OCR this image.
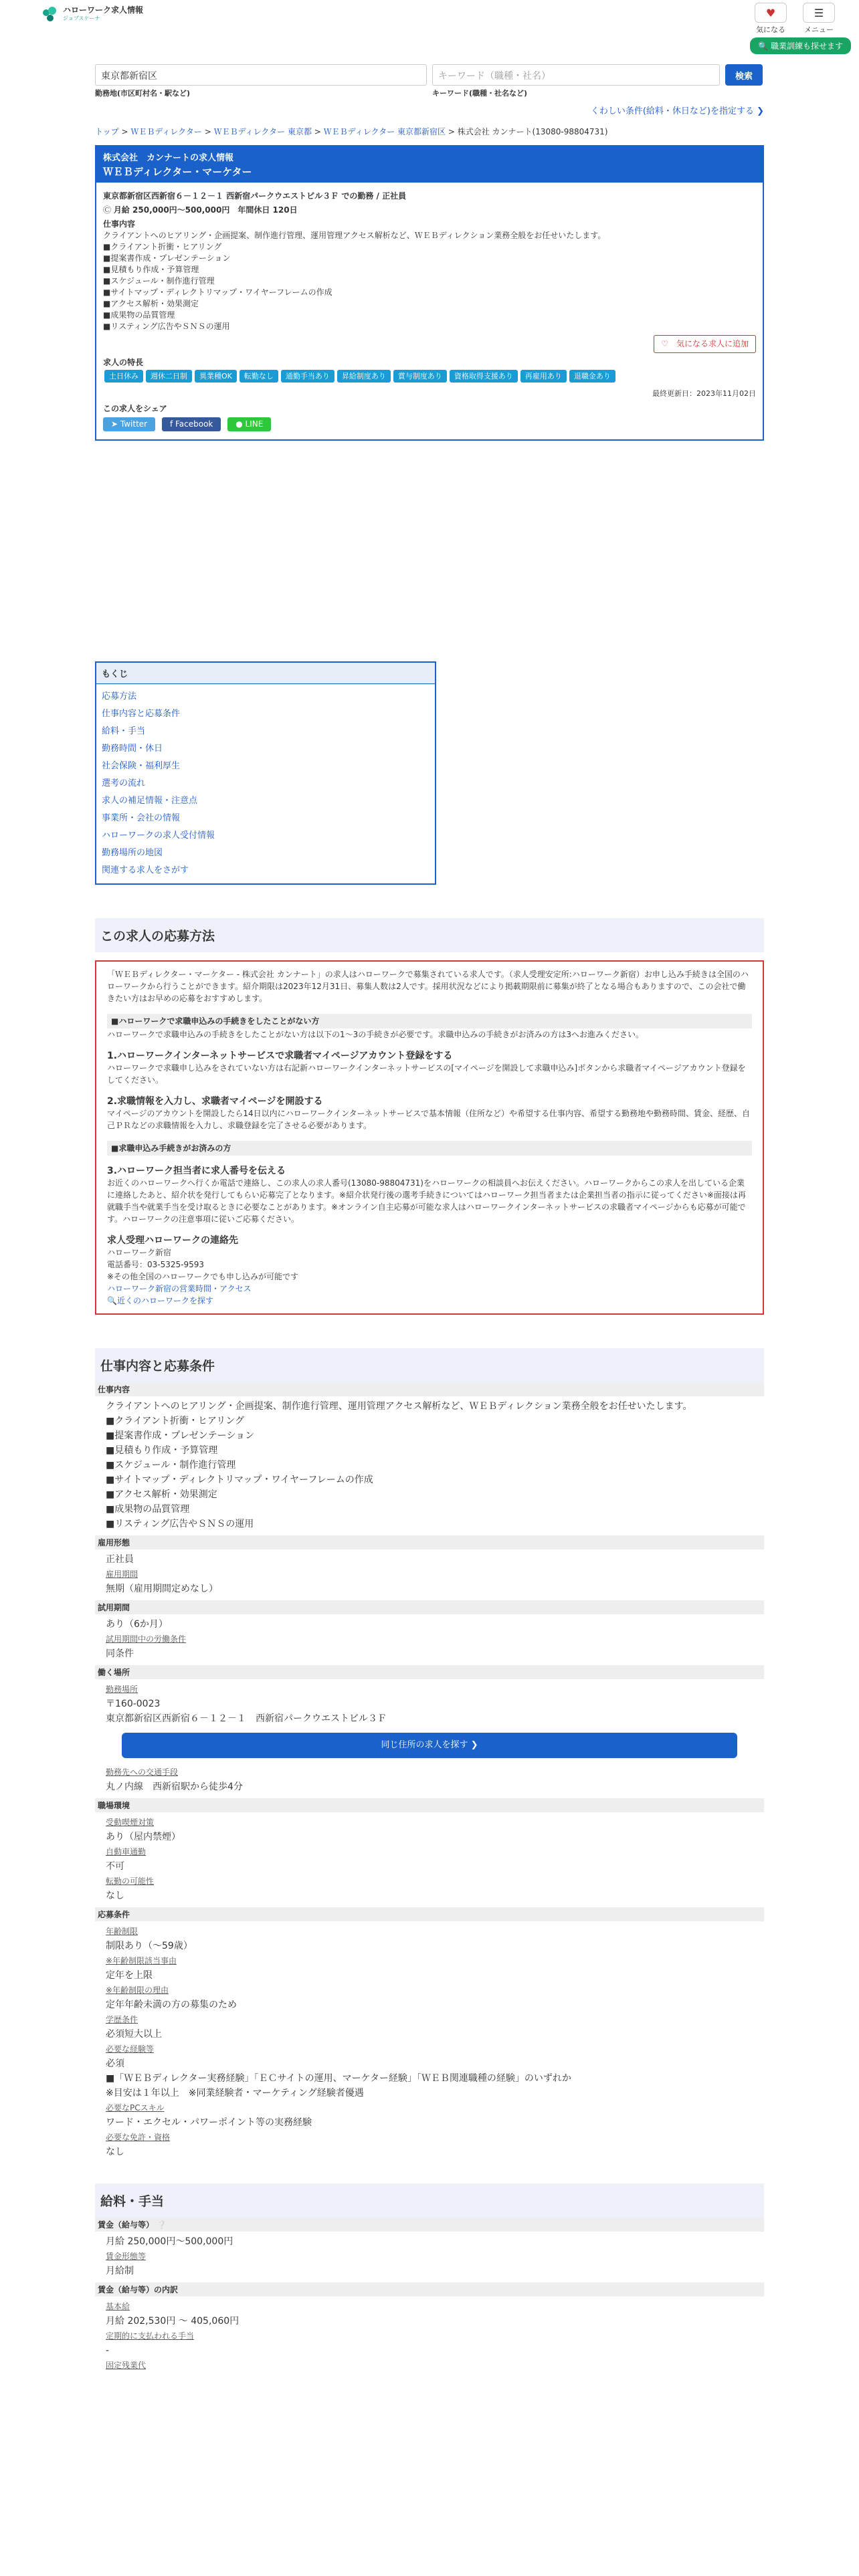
ハローワーク求人情報
ジョブスケーナ	♥
気になる
☰
メニュー
🔍 職業訓練も探せます
東京都新宿区
勤務地(市区町村名・駅など)
キーワード（職種・社名）
キーワード(職種・社名など)
検索
くわしい条件(給料・休日など)を指定する ❯
トップ > ＷＥＢディレクター > ＷＥＢディレクター 東京都 > ＷＥＢディレクター 東京都新宿区 > 株式会社 カンナート(13080-98804731)
株式会社　カンナートの求人情報
ＷＥＢディレクター・マーケター
東京都新宿区西新宿６－１２－１ 西新宿パークウエストビル３Ｆ での勤務 / 正社員
Ⓒ 月給 250,000円〜500,000円　 年間休日 120日
仕事内容
クライアントへのヒアリング・企画提案、制作進行管理、運用管理アクセス解析など、ＷＥＢディレクション業務全般をお任せいたします。
■クライアント折衝・ヒアリング
■提案書作成・プレゼンテーション
■見積もり作成・予算管理
■スケジュール・制作進行管理
■サイトマップ・ディレクトリマップ・ワイヤーフレームの作成
■アクセス解析・効果測定
■成果物の品質管理
■リスティング広告やＳＮＳの運用
♡　気になる求人に追加
求人の特長
土日休み 週休二日制 異業種OK 転勤なし 通勤手当あり 昇給制度あり 賞与制度あり 資格取得支援あり 再雇用あり 退職金あり
最終更新日：2023年11月02日
この求人をシェア
➤ Twitter	f Facebook	● LINE
もくじ
応募方法
仕事内容と応募条件
給料・手当
勤務時間・休日
社会保険・福利厚生
選考の流れ
求人の補足情報・注意点
事業所・会社の情報
ハローワークの求人受付情報
勤務場所の地図
関連する求人をさがす
この求人の応募方法
「ＷＥＢディレクター・マーケター - 株式会社 カンナート」の求人はハローワークで募集されている求人です。（求人受理安定所:ハローワーク新宿）お申し込み手続きは全国のハローワークから行うことができます。紹介期限は2023年12月31日、募集人数は2人です。採用状況などにより掲載期限前に募集が終了となる場合もありますので、この会社で働きたい方はお早めの応募をおすすめします。
■ハローワークで求職申込みの手続きをしたことがない方
ハローワークで求職申込みの手続きをしたことがない方は以下の1〜3の手続きが必要です。求職申込みの手続きがお済みの方は3へお進みください。
1.ハローワークインターネットサービスで求職者マイページアカウント登録をする
ハローワークで求職申し込みをされていない方は右記新ハローワークインターネットサービスの[マイページを開設して求職申込み]ボタンから求職者マイページアカウント登録をしてください。
2.求職情報を入力し、求職者マイページを開設する
マイページのアカウントを開設したら14日以内にハローワークインターネットサービスで基本情報（住所など）や希望する仕事内容、希望する勤務地や勤務時間、賃金、経歴、自己ＰＲなどの求職情報を入力し、求職登録を完了させる必要があります。
■求職申込み手続きがお済みの方
3.ハローワーク担当者に求人番号を伝える
お近くのハローワークへ行くか電話で連絡し、この求人の求人番号(13080-98804731)をハローワークの相談員へお伝えください。ハローワークからこの求人を出している企業に連絡したあと、紹介状を発行してもらい応募完了となります。※紹介状発行後の選考手続きについてはハローワーク担当者または企業担当者の指示に従ってください※面接は再就職手当や就業手当を受け取るときに必要なことがあります。※オンライン自主応募が可能な求人はハローワークインターネットサービスの求職者マイページからも応募が可能です。ハローワークの注意事項に従いご応募ください。
求人受理ハローワークの連絡先
ハローワーク新宿
電話番号：03-5325-9593
※その他全国のハローワークでも申し込みが可能です
ハローワーク新宿の営業時間・アクセス
🔍近くのハローワークを探す
仕事内容と応募条件
仕事内容
クライアントへのヒアリング・企画提案、制作進行管理、運用管理アクセス解析など、ＷＥＢディレクション業務全般をお任せいたします。
■クライアント折衝・ヒアリング
■提案書作成・プレゼンテーション
■見積もり作成・予算管理
■スケジュール・制作進行管理
■サイトマップ・ディレクトリマップ・ワイヤーフレームの作成
■アクセス解析・効果測定
■成果物の品質管理
■リスティング広告やＳＮＳの運用
雇用形態
正社員
雇用期間
無期（雇用期間定めなし）
試用期間
あり（6か月）
試用期間中の労働条件
同条件
働く場所
勤務場所
〒160-0023
東京都新宿区西新宿６－１２－１　西新宿パークウエストビル３Ｆ
同じ住所の求人を探す ❯
勤務先への交通手段
丸ノ内線　西新宿駅から徒歩4分
職場環境
受動喫煙対策
あり（屋内禁煙）
自動車通勤
不可
転勤の可能性
なし
応募条件
年齢制限
制限あり（〜59歳）
※年齢制限該当事由
定年を上限
※年齢制限の理由
定年年齢未満の方の募集のため
学歴条件
必須短大以上
必要な経験等
必須
■「ＷＥＢディレクター実務経験」「ＥＣサイトの運用、マーケター経験」「ＷＥＢ関連職種の経験」のいずれか
※目安は１年以上　※同業経験者・マーケティング経験者優遇
必要なPCスキル
ワード・エクセル・パワーポイント等の実務経験
必要な免許・資格
なし
給料・手当
賃金（給与等） ❔
月給 250,000円〜500,000円
賃金形態等
月給制
賃金（給与等）の内訳
基本給
月給 202,530円 〜 405,060円
定期的に支払われる手当
-
固定残業代
